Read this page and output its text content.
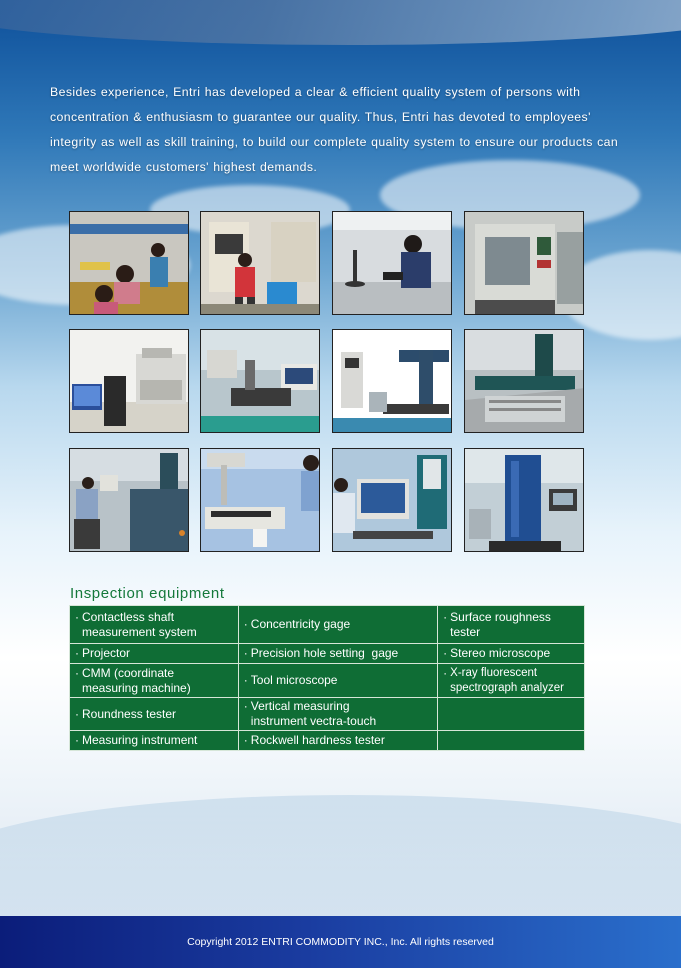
Besides experience, Entri has developed a clear & efficient quality system of persons with concentration & enthusiasm to guarantee our quality. Thus, Entri has devoted to employees' integrity as well as skill training, to build our complete quality system to ensure our products can meet worldwide customers' highest demands.

Inspection equipment
· Contactless shaft measurement system	· Concentricity gage	· Surface roughness tester
· Projector	· Precision hole setting  gage	· Stereo microscope
· CMM (coordinate measuring machine)	· Tool microscope	· X-ray fluorescent spectrograph analyzer
· Roundness tester	· Vertical measuring instrument vectra-touch	
· Measuring instrument	· Rockwell hardness tester	
Copyright 2012 ENTRI COMMODITY INC., Inc. All rights reserved
